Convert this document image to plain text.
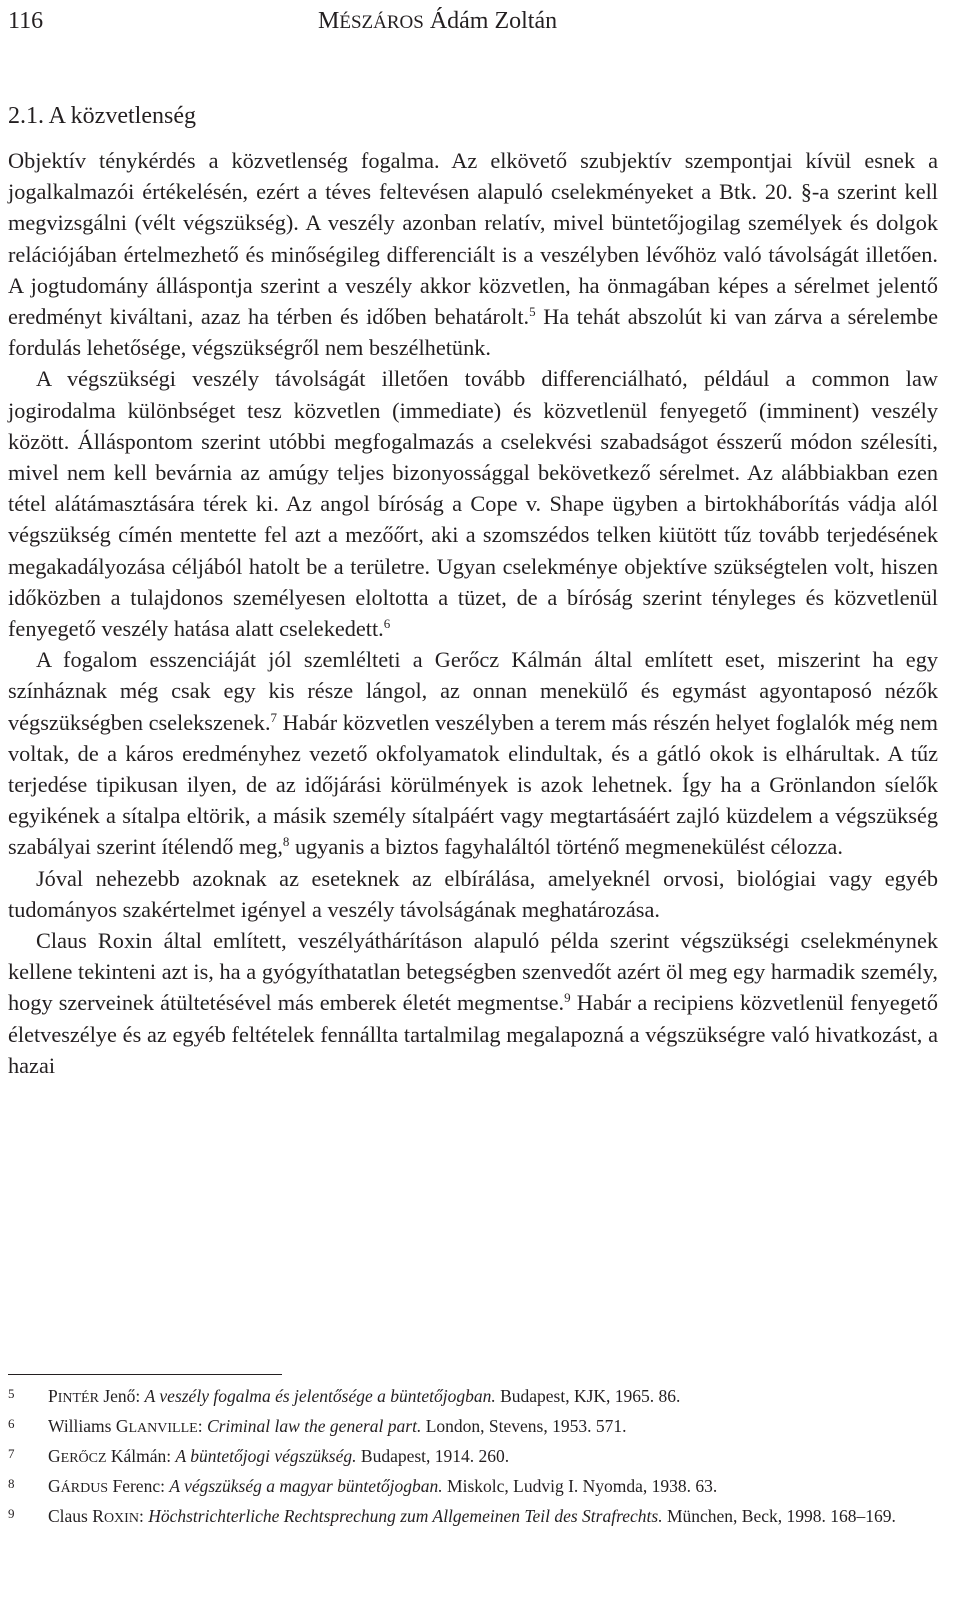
116	MÉSZÁROS Ádám Zoltán
2.1. A közvetlenség

Objektív ténykérdés a közvetlenség fogalma. Az elkövető szubjektív szempontjai kívül esnek a jogalkalmazói értékelésén, ezért a téves feltevésen alapuló cselekményeket a Btk. 20. §-a szerint kell megvizsgálni (vélt végszükség). A veszély azonban relatív, mivel büntetőjogilag személyek és dolgok relációjában értelmezhető és minőségileg differenciált is a veszélyben lévőhöz való távolságát illetően. A jogtudomány álláspontja szerint a veszély akkor közvetlen, ha önmagában képes a sérelmet jelentő eredményt kiváltani, azaz ha térben és időben behatárolt.$^5$ Ha tehát abszolút ki van zárva a sérelembe fordulás lehetősége, végszükségről nem beszélhetünk.

A végszükségi veszély távolságát illetően tovább differenciálható, például a common law jogirodalma különbséget tesz közvetlen (immediate) és közvetlenül fenyegető (imminent) veszély között. Álláspontom szerint utóbbi megfogalmazás a cselekvési szabadságot ésszerű módon szélesíti, mivel nem kell bevárnia az amúgy teljes bizonyossággal bekövetkező sérelmet. Az alábbiakban ezen tétel alátámasztására térek ki. Az angol bíróság a Cope v. Shape ügyben a birtokháborítás vádja alól végszükség címén mentette fel azt a mezőőrt, aki a szomszédos telken kiütött tűz tovább terjedésének megakadályozása céljából hatolt be a területre. Ugyan cselekménye objektíve szükségtelen volt, hiszen időközben a tulajdonos személyesen eloltotta a tüzet, de a bíróság szerint tényleges és közvetlenül fenyegető veszély hatása alatt cselekedett.$^6$

A fogalom esszenciáját jól szemlélteti a Gerőcz Kálmán által említett eset, miszerint ha egy színháznak még csak egy kis része lángol, az onnan menekülő és egymást agyontaposó nézők végszükségben cselekszenek.$^7$ Habár közvetlen veszélyben a terem más részén helyet foglalók még nem voltak, de a káros eredményhez vezető okfolyamatok elindultak, és a gátló okok is elhárultak. A tűz terjedése tipikusan ilyen, de az időjárási körülmények is azok lehetnek. Így ha a Grönlandon síelők egyikének a sítalpa eltörik, a másik személy sítalpáért vagy megtartásáért zajló küzdelem a végszükség szabályai szerint ítélendő meg,$^8$ ugyanis a biztos fagyhaláltól történő megmenekülést célozza.

Jóval nehezebb azoknak az eseteknek az elbírálása, amelyeknél orvosi, biológiai vagy egyéb tudományos szakértelmet igényel a veszély távolságának meghatározása.

Claus Roxin által említett, veszélyáthárításon alapuló példa szerint végszükségi cselekménynek kellene tekinteni azt is, ha a gyógyíthatatlan betegségben szenvedőt azért öl meg egy harmadik személy, hogy szerveinek átültetésével más emberek életét megmentse.$^9$ Habár a recipiens közvetlenül fenyegető életveszélye és az egyéb feltételek fennállta tartalmilag megalapozná a végszükségre való hivatkozást, a hazai

5 PINTÉR Jenő: A veszély fogalma és jelentősége a büntetőjogban. Budapest, KJK, 1965. 86.
6 Williams GLANVILLE: Criminal law the general part. London, Stevens, 1953. 571.
7 GERŐCZ Kálmán: A büntetőjogi végszükség. Budapest, 1914. 260.
8 GÁRDUS Ferenc: A végszükség a magyar büntetőjogban. Miskolc, Ludvig I. Nyomda, 1938. 63.
9 Claus ROXIN: Höchstrichterliche Rechtsprechung zum Allgemeinen Teil des Strafrechts. München, Beck, 1998. 168–169.
